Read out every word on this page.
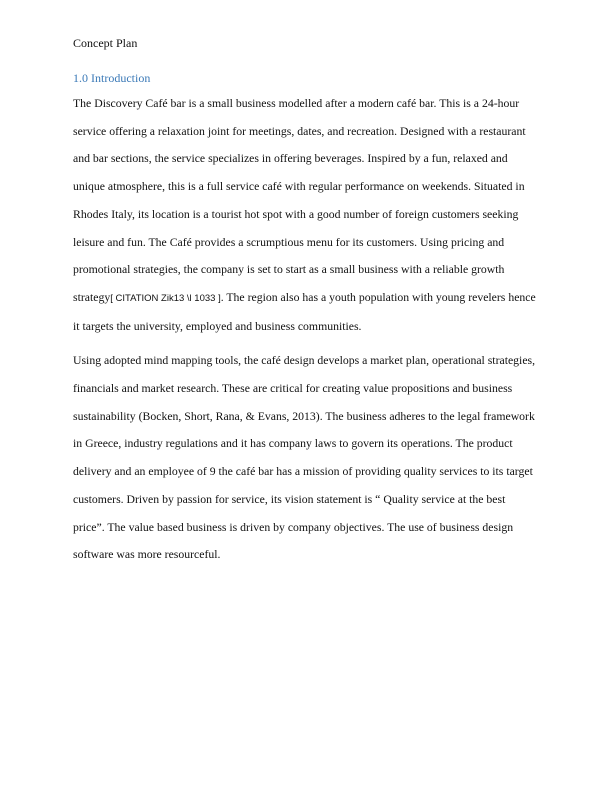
Concept Plan
1.0 Introduction

The Discovery Café bar is a small business modelled after a modern café bar. This is a 24-hour service offering a relaxation joint for meetings, dates, and recreation. Designed with a restaurant and bar sections, the service specializes in offering beverages. Inspired by a fun, relaxed and unique atmosphere, this is a full service café with regular performance on weekends. Situated in Rhodes Italy, its location is a tourist hot spot with a good number of foreign customers seeking leisure and fun. The Café provides a scrumptious menu for its customers. Using pricing and promotional strategies, the company is set to start as a small business with a reliable growth strategy[ CITATION Zik13 \l 1033 ]. The region also has a youth population with young revelers hence it targets the university, employed and business communities.

Using adopted mind mapping tools, the café design develops a market plan, operational strategies, financials and market research. These are critical for creating value propositions and business sustainability (Bocken, Short, Rana, & Evans, 2013). The business adheres to the legal framework in Greece, industry regulations and it has company laws to govern its operations. The product delivery and an employee of 9 the café bar has a mission of providing quality services to its target customers. Driven by passion for service, its vision statement is “ Quality service at the best price”. The value based business is driven by company objectives. The use of business design software was more resourceful.
